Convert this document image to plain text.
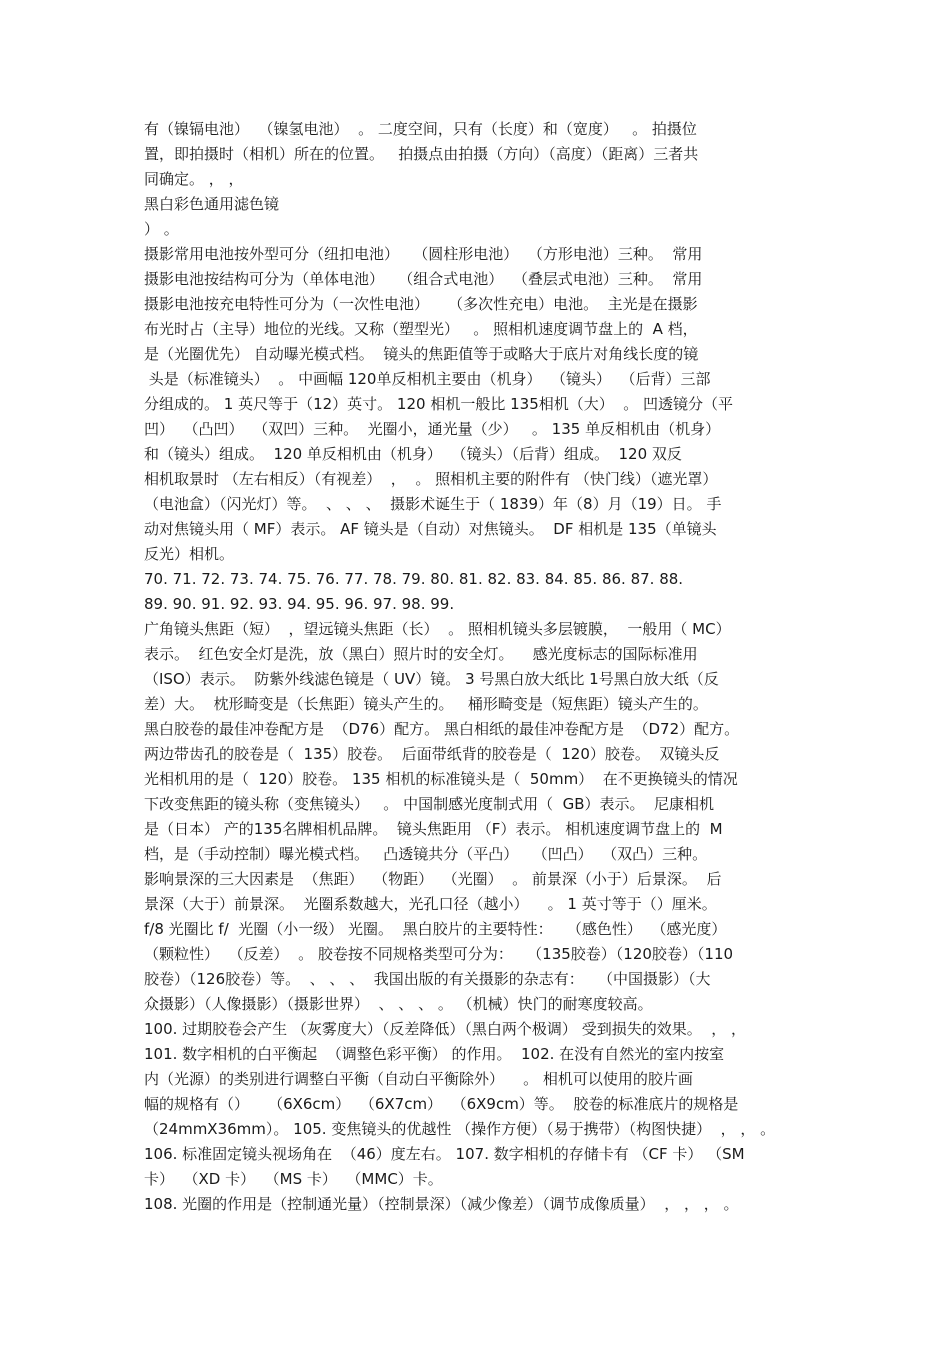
有（镍镉电池）  （镍氢电池）  。 二度空间，只有（长度）和（宽度）   。 拍摄位
置，即拍摄时（相机）所在的位置。   拍摄点由拍摄（方向）（高度）（距离）三者共
同确定。 ， ，
黑白彩色通用滤色镜
） 。
摄影常用电池按外型可分（纽扣电池）   （圆柱形电池）  （方形电池）三种。  常用
摄影电池按结构可分为（单体电池）   （组合式电池）  （叠层式电池）三种。  常用
摄影电池按充电特性可分为（一次性电池）    （多次性充电）电池。  主光是在摄影
布光时占（主导）地位的光线。又称（塑型光）   。 照相机速度调节盘上的  A 档，
是（光圈优先） 自动曝光模式档。  镜头的焦距值等于或略大于底片对角线长度的镜
头是（标准镜头）  。 中画幅 120单反相机主要由（机身）  （镜头）  （后背）三部
分组成的。 1 英尺等于（12）英寸。 120 相机一般比 135相机（大）  。 凹透镜分（平
凹）  （凸凹）  （双凹）三种。  光圈小，通光量（少）   。 135 单反相机由（机身）
和（镜头）组成。  120 单反相机由（机身）  （镜头）（后背）组成。  120 双反
相机取景时 （左右相反）（有视差）  ，  。 照相机主要的附件有 （快门线）（遮光罩）
（电池盒）（闪光灯）等。  、 、 、  摄影术诞生于（ 1839）年（8）月（19）日。 手
动对焦镜头用（ MF）表示。 AF 镜头是（自动）对焦镜头。  DF 相机是 135（单镜头
反光）相机。
70. 71. 72. 73. 74. 75. 76. 77. 78. 79. 80. 81. 82. 83. 84. 85. 86. 87. 88.
89. 90. 91. 92. 93. 94. 95. 96. 97. 98. 99.
广角镜头焦距（短）  ，望远镜头焦距（长）  。 照相机镜头多层镀膜，  一般用（ MC）
表示。  红色安全灯是洗，放（黑白）照片时的安全灯。    感光度标志的国际标准用
（ISO）表示。  防紫外线滤色镜是（ UV）镜。 3 号黑白放大纸比 1号黑白放大纸（反
差）大。  枕形畸变是（长焦距）镜头产生的。   桶形畸变是（短焦距）镜头产生的。
黑白胶卷的最佳冲卷配方是  （D76）配方。 黑白相纸的最佳冲卷配方是  （D72）配方。
两边带齿孔的胶卷是（  135）胶卷。  后面带纸背的胶卷是（  120）胶卷。  双镜头反
光相机用的是（  120）胶卷。 135 相机的标准镜头是（  50mm）  在不更换镜头的情况
下改变焦距的镜头称（变焦镜头）   。 中国制感光度制式用（  GB）表示。  尼康相机
是（日本） 产的135名牌相机品牌。  镜头焦距用 （F）表示。 相机速度调节盘上的  M
档，是（手动控制）曝光模式档。   凸透镜共分（平凸）   （凹凸）  （双凸）三种。
影响景深的三大因素是  （焦距）  （物距）  （光圈）  。 前景深（小于）后景深。  后
景深（大于）前景深。  光圈系数越大，光孔口径（越小）    。 1 英寸等于（）厘米。
f/8 光圈比 f/  光圈（小一级） 光圈。  黑白胶片的主要特性：   （感色性）  （感光度）
（颗粒性）  （反差）  。 胶卷按不同规格类型可分为：   （135胶卷）（120胶卷）（110
胶卷）（126胶卷）等。  、 、 、  我国出版的有关摄影的杂志有：   （中国摄影）（大
众摄影）（人像摄影）（摄影世界）  、 、 、 。 （机械）快门的耐寒度较高。
100. 过期胶卷会产生 （灰雾度大）（反差降低）（黑白两个极调） 受到损失的效果。  ， ，
101. 数字相机的白平衡起  （调整色彩平衡） 的作用。  102. 在没有自然光的室内按室
内（光源）的类别进行调整白平衡（自动白平衡除外）    。 相机可以使用的胶片画
幅的规格有（）    （6X6cm）  （6X7cm）  （6X9cm）等。  胶卷的标准底片的规格是
（24mmX36mm）。 105. 变焦镜头的优越性 （操作方便）（易于携带）（构图快捷）  ， ， 。
106. 标准固定镜头视场角在  （46）度左右。 107. 数字相机的存储卡有 （CF 卡） （SM
卡）  （XD 卡）  （MS 卡）  （MMC）卡。
108. 光圈的作用是（控制通光量）（控制景深）（减少像差）（调节成像质量）  ， ， ， 。
